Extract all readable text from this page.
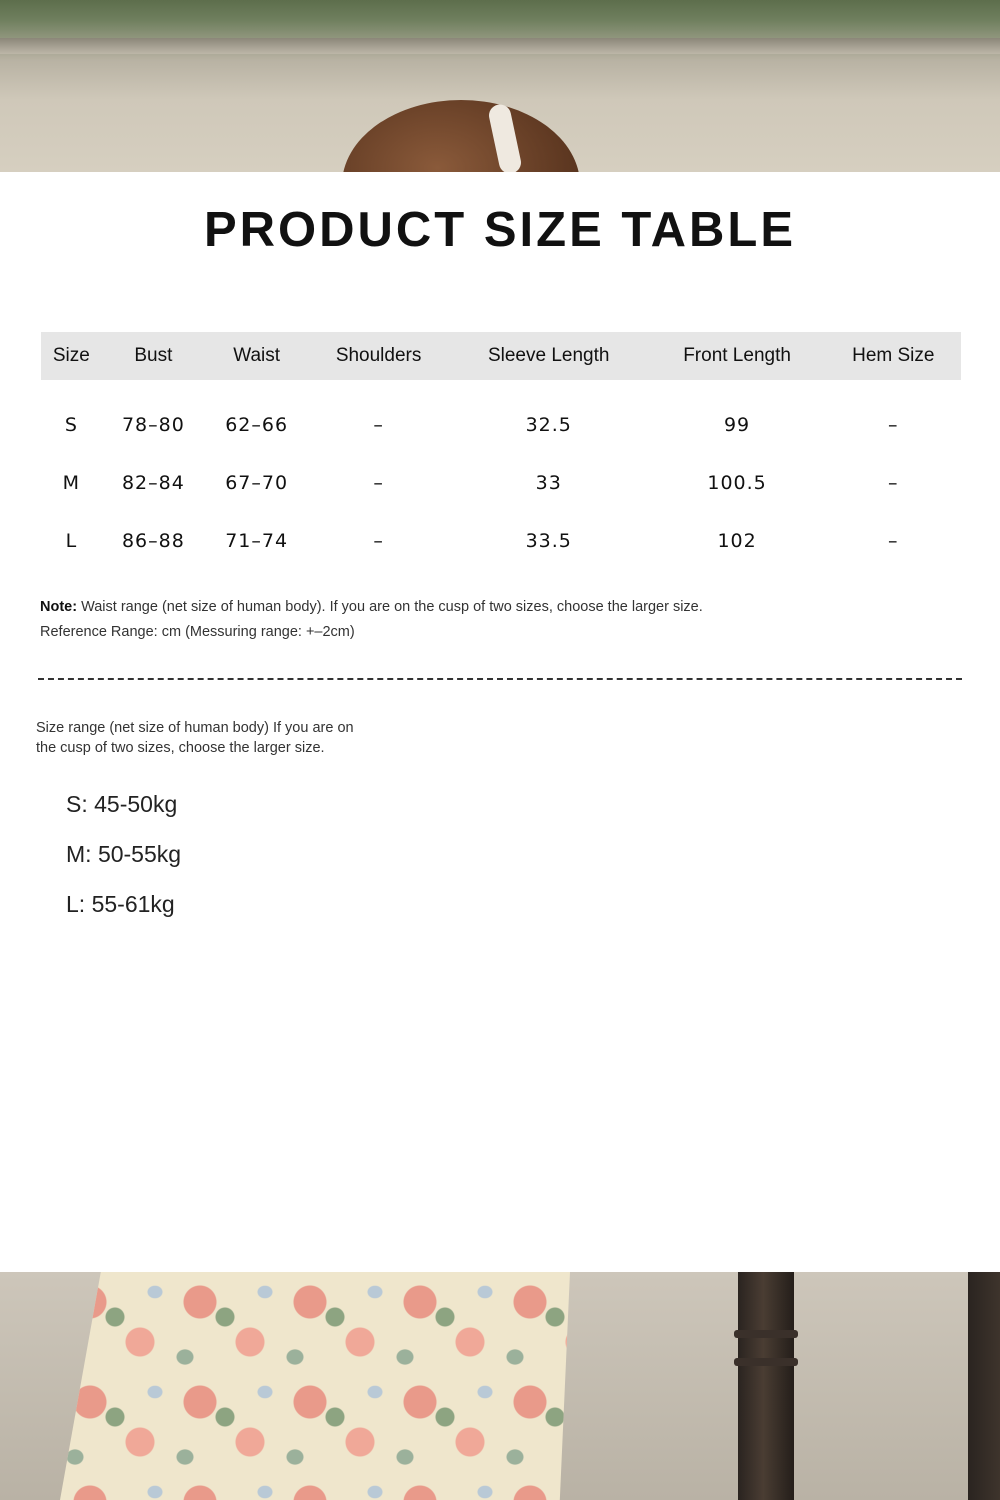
PRODUCT SIZE TABLE
Size	Bust	Waist	Shoulders	Sleeve Length	Front Length	Hem Size
S	78–80	62–66	–	32.5	99	–
M	82–84	67–70	–	33	100.5	–
L	86–88	71–74	–	33.5	102	–
Note: Waist range (net size of human body). If you are on the cusp of two sizes, choose the larger size.
Reference Range: cm (Messuring range: +–2cm)
Size range (net size of human body) If you are on the cusp of two sizes, choose the larger size.
S: 45-50kg
M: 50-55kg
L: 55-61kg
